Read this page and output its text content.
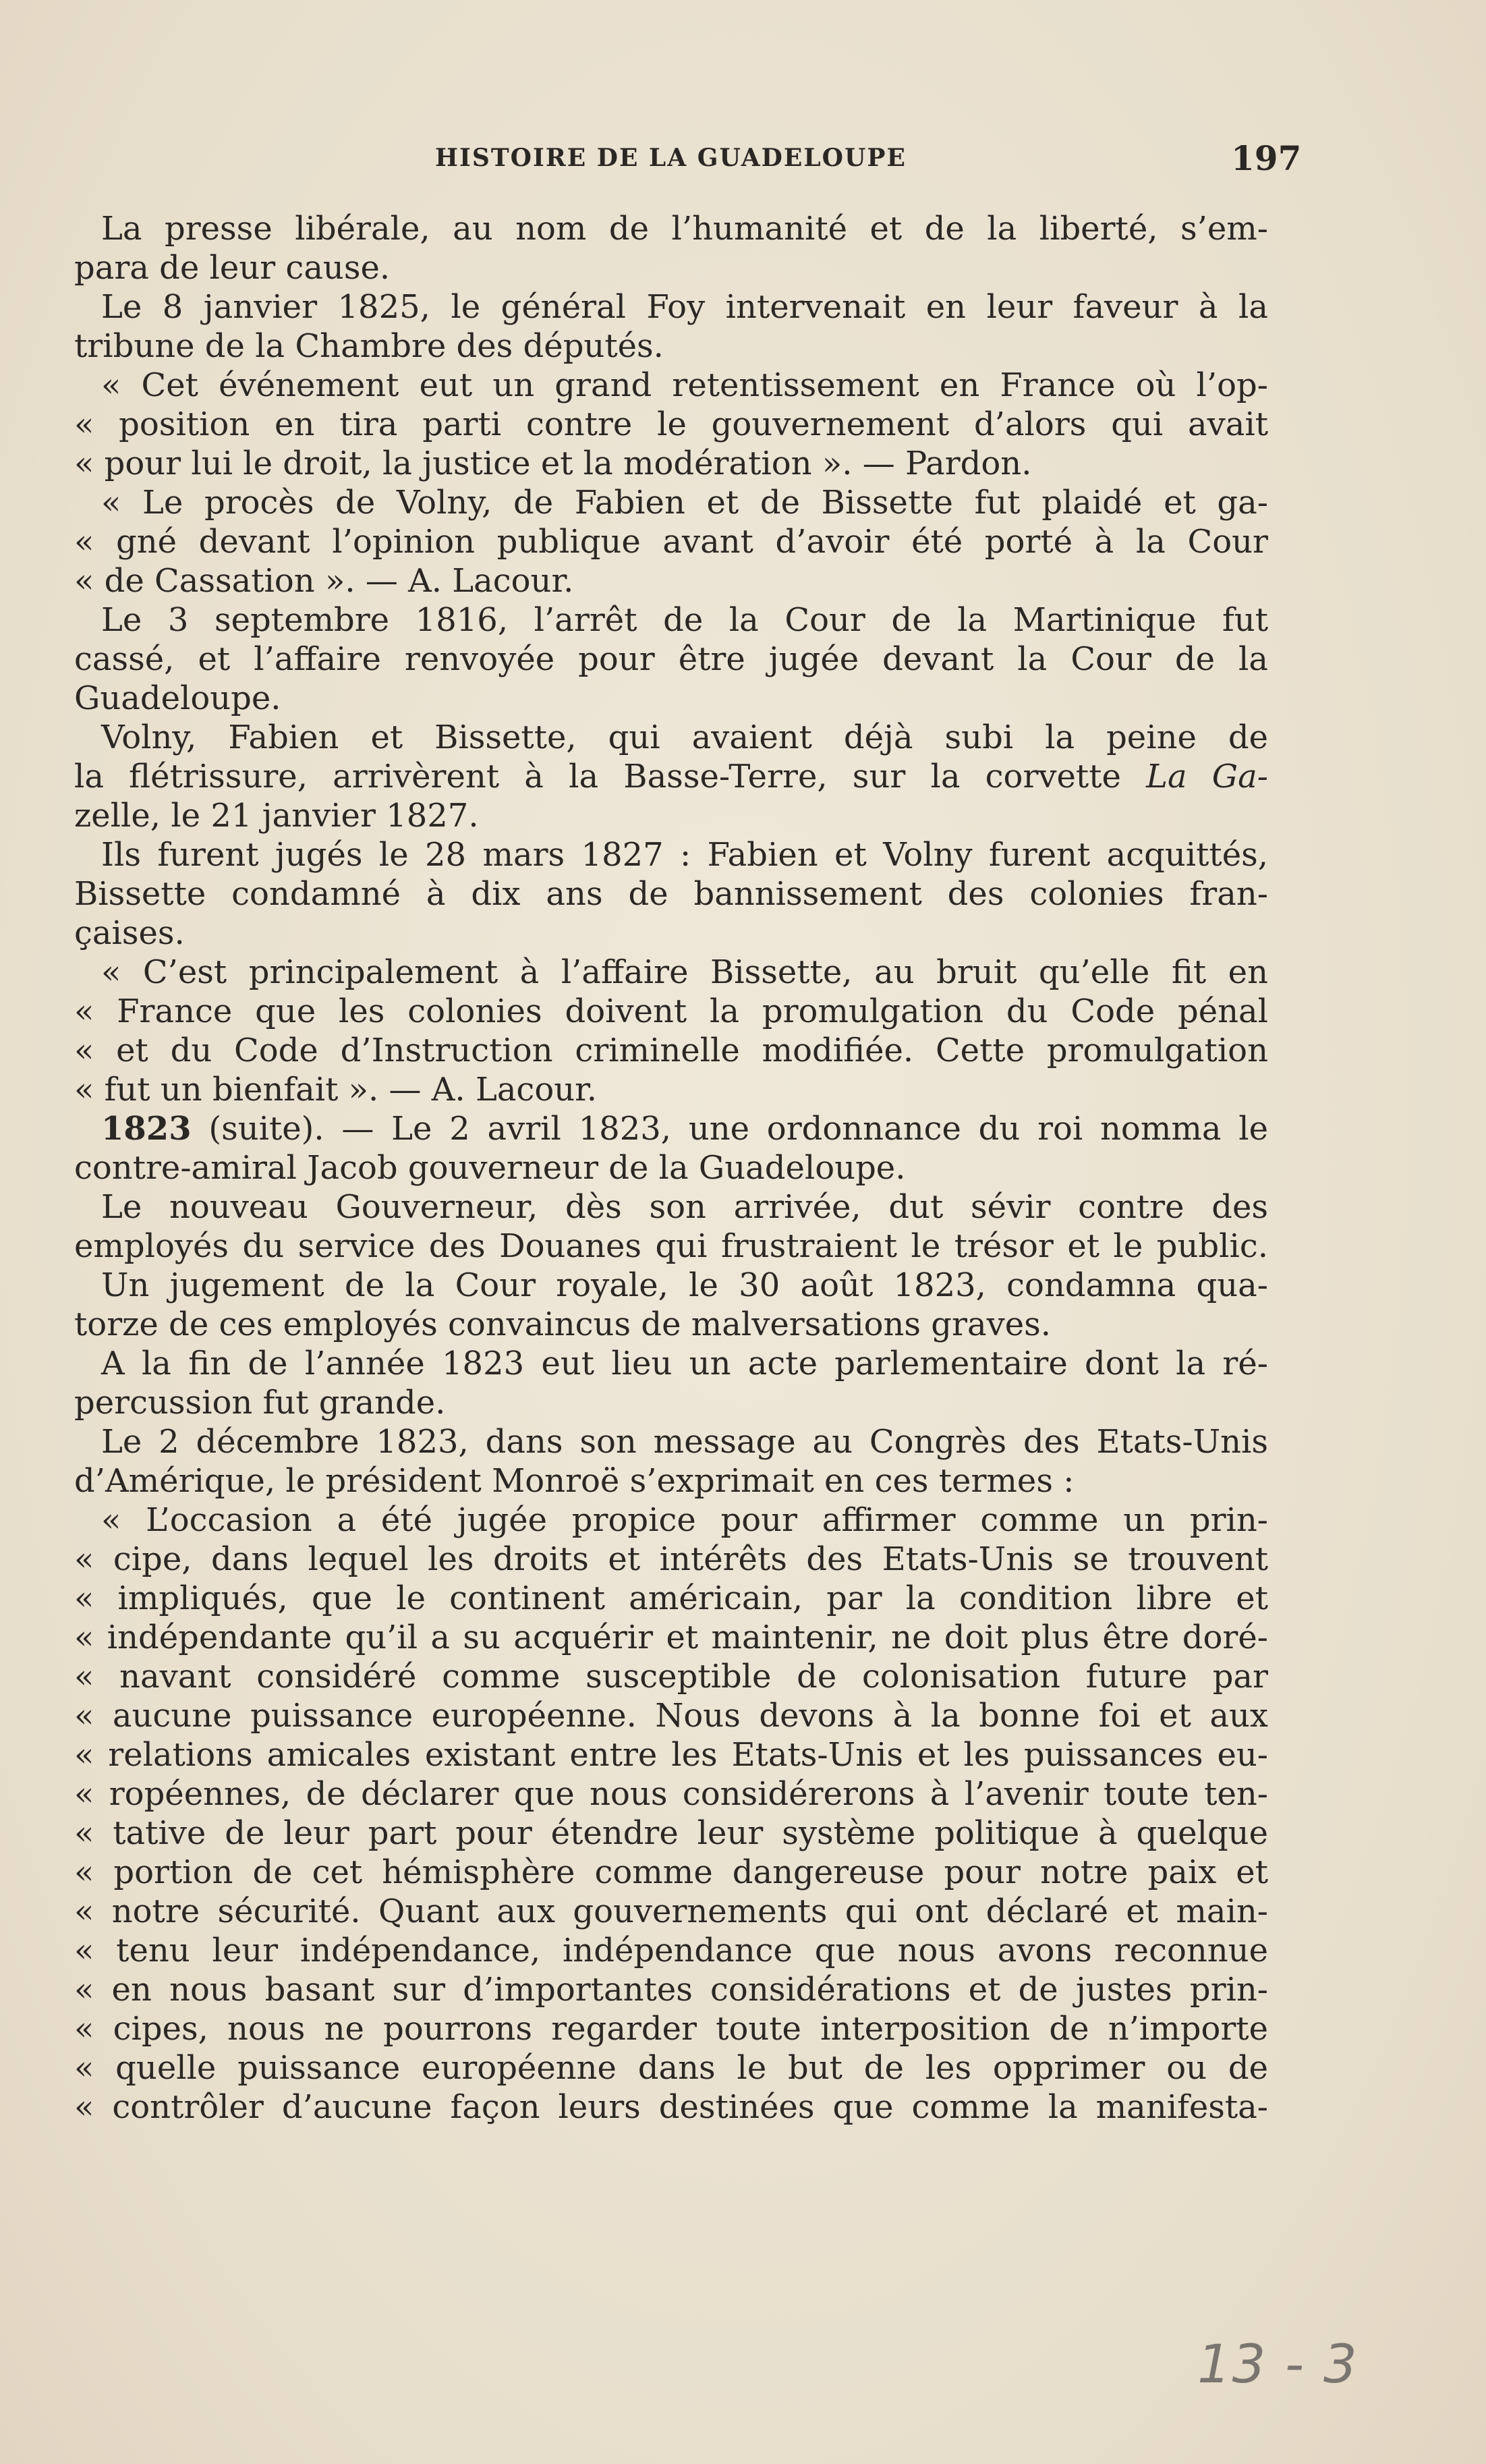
HISTOIRE DE LA GUADELOUPE	197
La presse libérale, au nom de l’humanité et de la liberté, s’em-
para de leur cause.
Le 8 janvier 1825, le général Foy intervenait en leur faveur à la
tribune de la Chambre des députés.
« Cet événement eut un grand retentissement en France où l’op-
« position en tira parti contre le gouvernement d’alors qui avait
« pour lui le droit, la justice et la modération ». — Pardon.
« Le procès de Volny, de Fabien et de Bissette fut plaidé et ga-
« gné devant l’opinion publique avant d’avoir été porté à la Cour
« de Cassation ». — A. Lacour.
Le 3 septembre 1816, l’arrêt de la Cour de la Martinique fut
cassé, et l’affaire renvoyée pour être jugée devant la Cour de la
Guadeloupe.
Volny, Fabien et Bissette, qui avaient déjà subi la peine de
la flétrissure, arrivèrent à la Basse-Terre, sur la corvette La Ga-
zelle, le 21 janvier 1827.
Ils furent jugés le 28 mars 1827 : Fabien et Volny furent acquittés,
Bissette condamné à dix ans de bannissement des colonies fran-
çaises.
« C’est principalement à l’affaire Bissette, au bruit qu’elle fit en
« France que les colonies doivent la promulgation du Code pénal
« et du Code d’Instruction criminelle modifiée. Cette promulgation
« fut un bienfait ». — A. Lacour.
1823 (suite). — Le 2 avril 1823, une ordonnance du roi nomma le
contre-amiral Jacob gouverneur de la Guadeloupe.
Le nouveau Gouverneur, dès son arrivée, dut sévir contre des
employés du service des Douanes qui frustraient le trésor et le public.
Un jugement de la Cour royale, le 30 août 1823, condamna qua-
torze de ces employés convaincus de malversations graves.
A la fin de l’année 1823 eut lieu un acte parlementaire dont la ré-
percussion fut grande.
Le 2 décembre 1823, dans son message au Congrès des Etats-Unis
d’Amérique, le président Monroë s’exprimait en ces termes :
« L’occasion a été jugée propice pour affirmer comme un prin-
« cipe, dans lequel les droits et intérêts des Etats-Unis se trouvent
« impliqués, que le continent américain, par la condition libre et
« indépendante qu’il a su acquérir et maintenir, ne doit plus être doré-
« navant considéré comme susceptible de colonisation future par
« aucune puissance européenne. Nous devons à la bonne foi et aux
« relations amicales existant entre les Etats-Unis et les puissances eu-
« ropéennes, de déclarer que nous considérerons à l’avenir toute ten-
« tative de leur part pour étendre leur système politique à quelque
« portion de cet hémisphère comme dangereuse pour notre paix et
« notre sécurité. Quant aux gouvernements qui ont déclaré et main-
« tenu leur indépendance, indépendance que nous avons reconnue
« en nous basant sur d’importantes considérations et de justes prin-
« cipes, nous ne pourrons regarder toute interposition de n’importe
« quelle puissance européenne dans le but de les opprimer ou de
« contrôler d’aucune façon leurs destinées que comme la manifesta-
13 - 3
